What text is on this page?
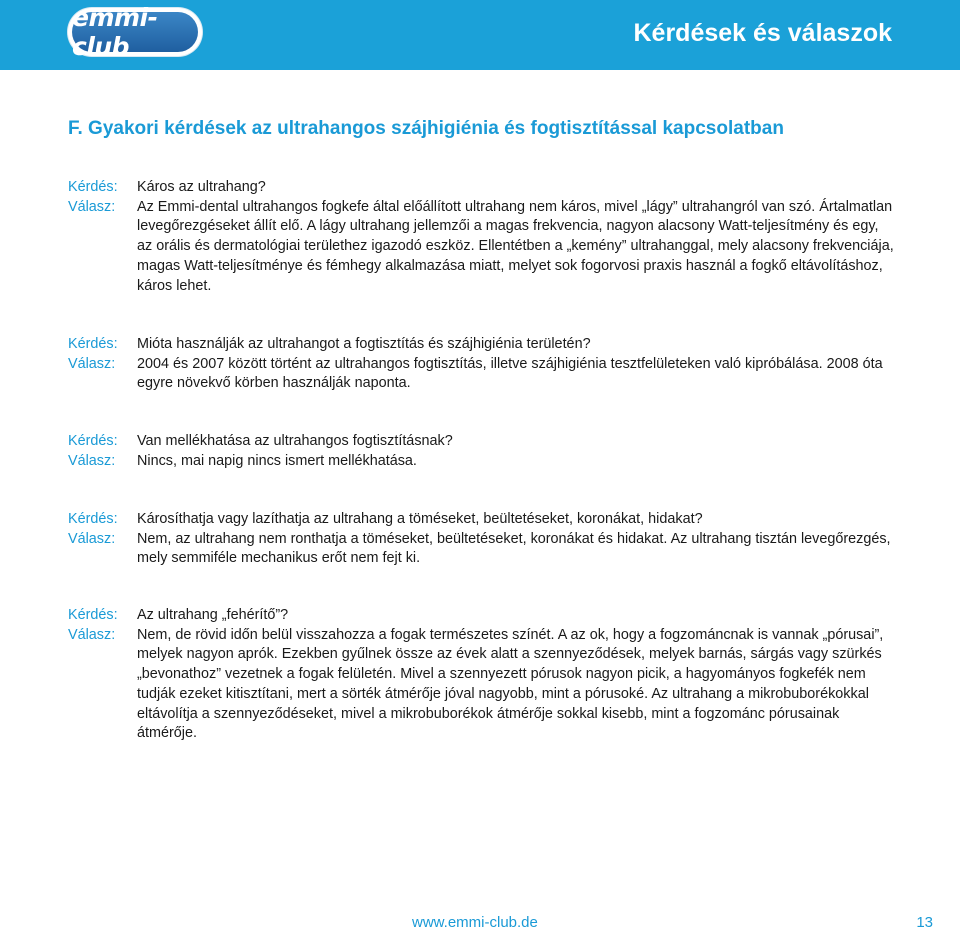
emmi-club	Kérdések és válaszok
F. Gyakori kérdések az ultrahangos szájhigiénia és fogtisztítással kapcsolatban
Kérdés:	Káros az ultrahang?
Válasz:	Az Emmi-dental ultrahangos fogkefe által előállított ultrahang nem káros, mivel „lágy” ultrahangról van szó. Ártalmatlan levegőrezgéseket állít elő. A lágy ultrahang jellemzői a magas frekvencia, nagyon alacsony Watt-teljesítmény és egy, az orális és dermatológiai területhez igazodó eszköz. Ellentétben a „kemény” ultrahanggal, mely alacsony frekvenciája, magas Watt-teljesítménye és fémhegy alkalmazása miatt, melyet sok fogorvosi praxis használ a fogkő eltávolításhoz, káros lehet.
Kérdés:	Mióta használják az ultrahangot a fogtisztítás és szájhigiénia területén?
Válasz:	2004 és 2007 között történt az ultrahangos fogtisztítás, illetve szájhigiénia tesztfelületeken való kipróbálása. 2008 óta egyre növekvő körben használják naponta.
Kérdés:	Van mellékhatása az ultrahangos fogtisztításnak?
Válasz:	Nincs, mai napig nincs ismert mellékhatása.
Kérdés:	Károsíthatja vagy lazíthatja az ultrahang a töméseket, beültetéseket, koronákat, hidakat?
Válasz:	Nem, az ultrahang nem ronthatja a töméseket, beültetéseket, koronákat és hidakat. Az ultrahang tisztán levegőrezgés, mely semmiféle mechanikus erőt nem fejt ki.
Kérdés:	Az ultrahang „fehérítő”?
Válasz:	Nem, de rövid időn belül visszahozza a fogak természetes színét. A az ok, hogy a fogzománcnak is vannak „pórusai”, melyek nagyon aprók. Ezekben gyűlnek össze az évek alatt a szennyeződések, melyek barnás, sárgás vagy szürkés „bevonathoz” vezetnek a fogak felületén. Mivel a szennyezett pórusok nagyon picik, a hagyományos fogkefék nem tudják ezeket kitisztítani, mert a sörték átmérője jóval nagyobb, mint a pórusoké. Az ultrahang a mikrobuborékokkal eltávolítja a szennyeződéseket, mivel a mikrobuborékok átmérője sokkal kisebb, mint a fogzománc pórusainak átmérője.
www.emmi-club.de	13
